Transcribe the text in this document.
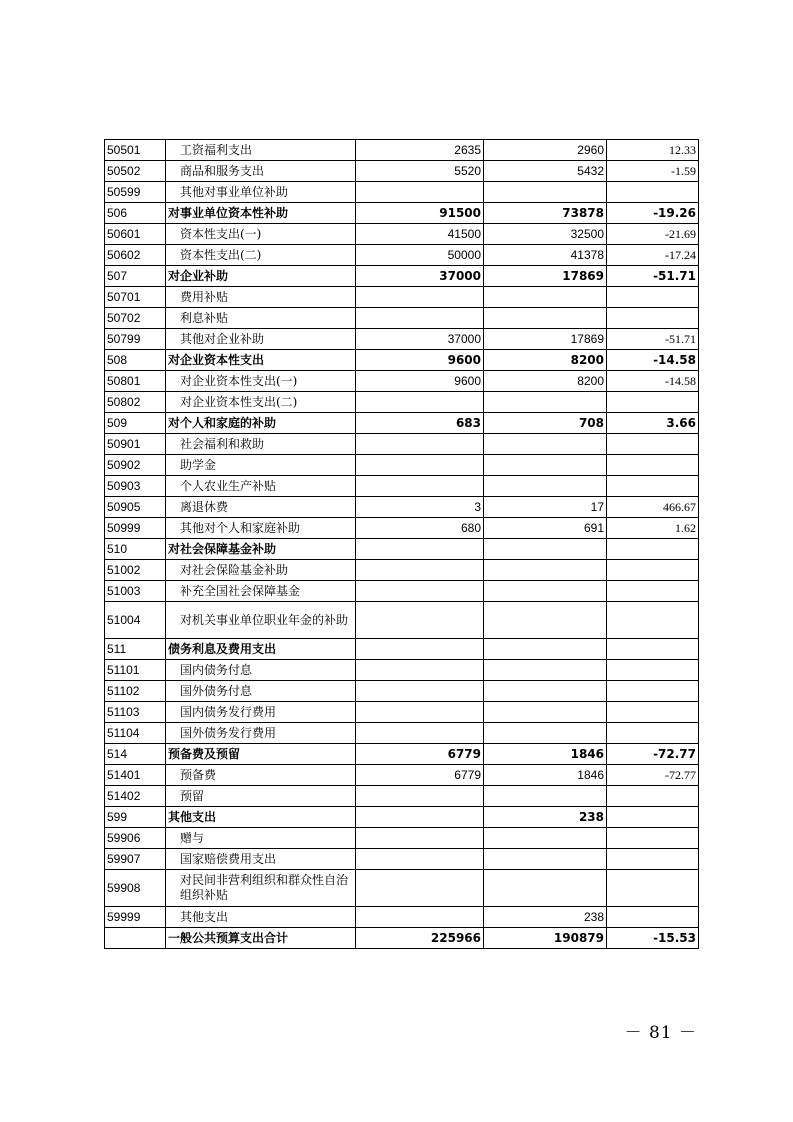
50501	工资福利支出	2635	2960	12.33
50502	商品和服务支出	5520	5432	-1.59
50599	其他对事业单位补助			
506	对事业单位资本性补助	91500	73878	-19.26
50601	资本性支出(一)	41500	32500	-21.69
50602	资本性支出(二)	50000	41378	-17.24
507	对企业补助	37000	17869	-51.71
50701	费用补贴			
50702	利息补贴			
50799	其他对企业补助	37000	17869	-51.71
508	对企业资本性支出	9600	8200	-14.58
50801	对企业资本性支出(一)	9600	8200	-14.58
50802	对企业资本性支出(二)			
509	对个人和家庭的补助	683	708	3.66
50901	社会福利和救助			
50902	助学金			
50903	个人农业生产补贴			
50905	离退休费	3	17	466.67
50999	其他对个人和家庭补助	680	691	1.62
510	对社会保障基金补助			
51002	对社会保险基金补助			
51003	补充全国社会保障基金			
51004	对机关事业单位职业年金的补助			
511	债务利息及费用支出			
51101	国内债务付息			
51102	国外债务付息			
51103	国内债务发行费用			
51104	国外债务发行费用			
514	预备费及预留	6779	1846	-72.77
51401	预备费	6779	1846	-72.77
51402	预留			
599	其他支出		238	
59906	赠与			
59907	国家赔偿费用支出			
59908	对民间非营利组织和群众性自治组织补贴			
59999	其他支出		238	
	一般公共预算支出合计	225966	190879	-15.53
－ 81 －
